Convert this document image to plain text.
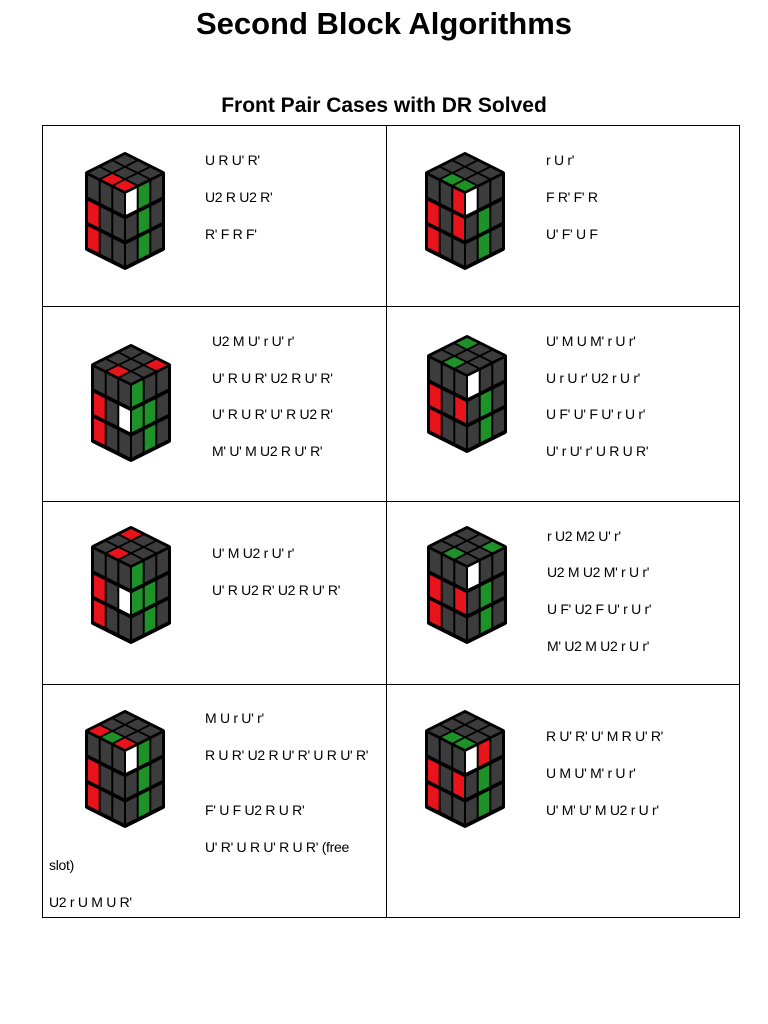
Second Block Algorithms
Front Pair Cases with DR Solved
U R U' R'
U2 R U2 R'
R' F R F'
r U r'
F R' F' R
U' F' U F
U2 M U' r U' r'
U' R U R' U2 R U' R'
U' R U R' U' R U2 R'
M' U' M U2 R U' R'
U' M U M' r U r'
U r U r' U2 r U r'
U F' U' F U' r U r'
U' r U' r' U R U R'
U' M U2 r U' r'
U' R U2 R' U2 R U' R'
r U2 M2 U' r'
U2 M U2 M' r U r'
U F' U2 F U' r U r'
M' U2 M U2 r U r'
M U r U' r'
R U R' U2 R U' R' U R U' R'
F' U F U2 R U R'
U' R' U R U' R U R' (free
slot)
U2 r U M U R'
R U' R' U' M R U' R'
U M U' M' r U r'
U' M' U' M U2 r U r'
